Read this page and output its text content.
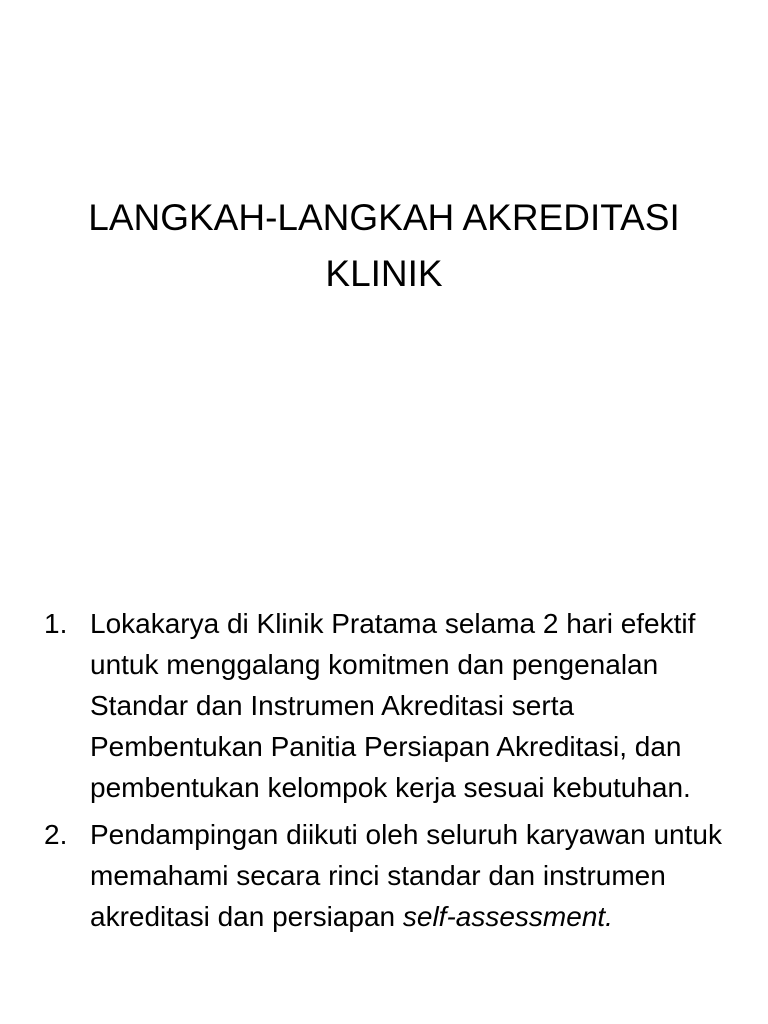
LANGKAH-LANGKAH AKREDITASI KLINIK
1. Lokakarya di Klinik Pratama selama 2 hari efektif untuk menggalang komitmen dan pengenalan Standar dan Instrumen Akreditasi serta Pembentukan Panitia Persiapan Akreditasi, dan pembentukan kelompok kerja sesuai kebutuhan.
2. Pendampingan diikuti oleh seluruh karyawan untuk memahami secara rinci standar dan instrumen akreditasi dan persiapan self-assessment.
